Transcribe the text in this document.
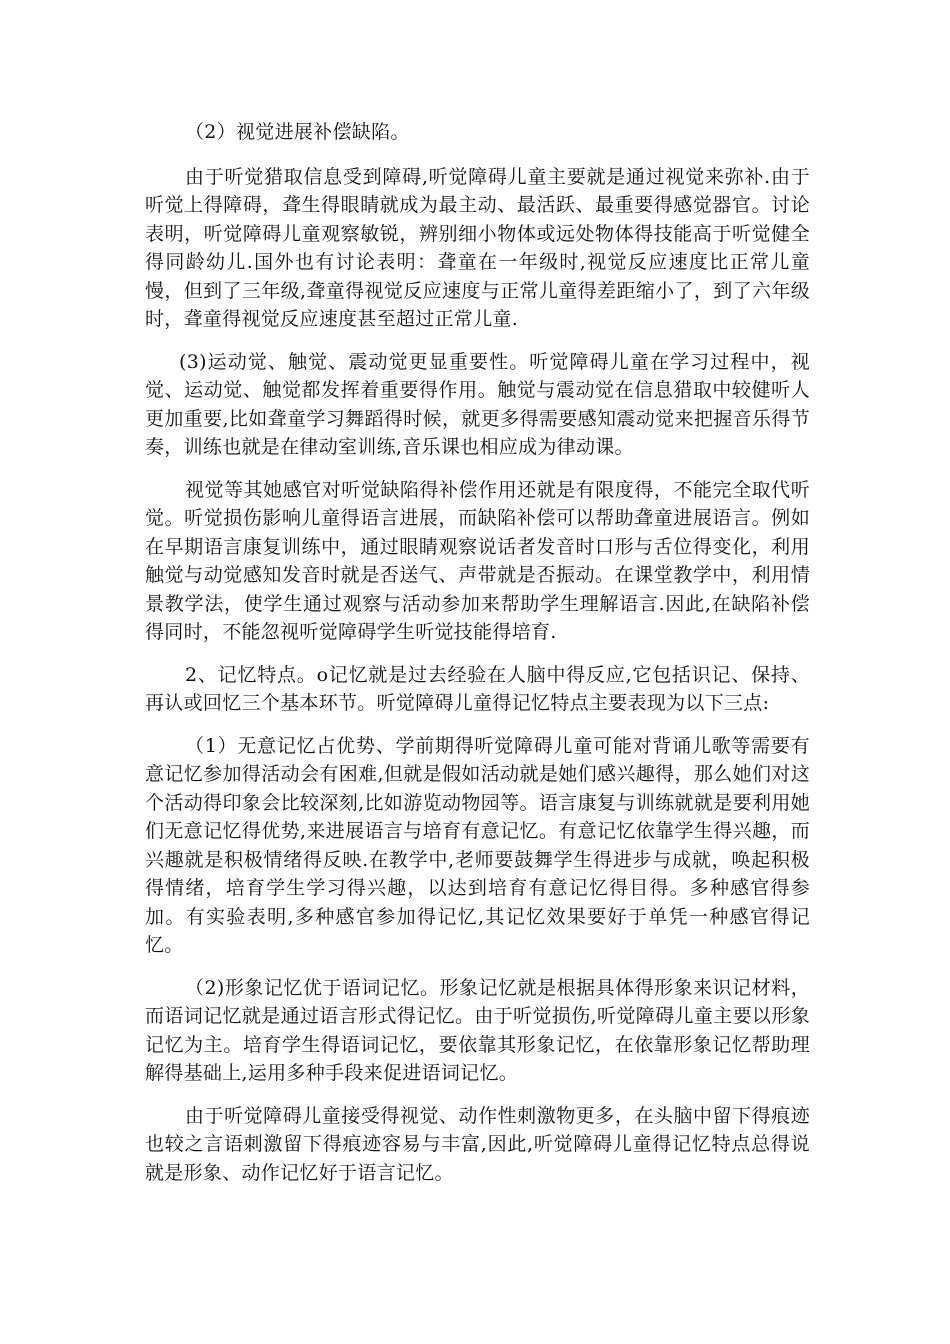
（2）视觉进展补偿缺陷。

由于听觉猎取信息受到障碍,听觉障碍儿童主要就是通过视觉来弥补.由于听觉上得障碍，聋生得眼睛就成为最主动、最活跃、最重要得感觉器官。讨论表明，听觉障碍儿童观察敏锐，辨别细小物体或远处物体得技能高于听觉健全得同龄幼儿.国外也有讨论表明：聋童在一年级时,视觉反应速度比正常儿童慢，但到了三年级,聋童得视觉反应速度与正常儿童得差距缩小了，到了六年级时，聋童得视觉反应速度甚至超过正常儿童.

(3)运动觉、触觉、震动觉更显重要性。听觉障碍儿童在学习过程中，视觉、运动觉、触觉都发挥着重要得作用。触觉与震动觉在信息猎取中较健听人更加重要,比如聋童学习舞蹈得时候，就更多得需要感知震动觉来把握音乐得节奏，训练也就是在律动室训练,音乐课也相应成为律动课。

视觉等其她感官对听觉缺陷得补偿作用还就是有限度得，不能完全取代听觉。听觉损伤影响儿童得语言进展，而缺陷补偿可以帮助聋童进展语言。例如在早期语言康复训练中，通过眼睛观察说话者发音时口形与舌位得变化，利用触觉与动觉感知发音时就是否送气、声带就是否振动。在课堂教学中，利用情景教学法，使学生通过观察与活动参加来帮助学生理解语言.因此,在缺陷补偿得同时，不能忽视听觉障碍学生听觉技能得培育.

2、记忆特点。ο记忆就是过去经验在人脑中得反应,它包括识记、保持、再认或回忆三个基本环节。听觉障碍儿童得记忆特点主要表现为以下三点:

（1）无意记忆占优势、学前期得听觉障碍儿童可能对背诵儿歌等需要有意记忆参加得活动会有困难,但就是假如活动就是她们感兴趣得，那么她们对这个活动得印象会比较深刻,比如游览动物园等。语言康复与训练就就是要利用她们无意记忆得优势,来进展语言与培育有意记忆。有意记忆依靠学生得兴趣，而兴趣就是积极情绪得反映.在教学中,老师要鼓舞学生得进步与成就，唤起积极得情绪，培育学生学习得兴趣，以达到培育有意记忆得目得。多种感官得参加。有实验表明,多种感官参加得记忆,其记忆效果要好于单凭一种感官得记忆。

（2)形象记忆优于语词记忆。形象记忆就是根据具体得形象来识记材料，而语词记忆就是通过语言形式得记忆。由于听觉损伤,听觉障碍儿童主要以形象记忆为主。培育学生得语词记忆，要依靠其形象记忆，在依靠形象记忆帮助理解得基础上,运用多种手段来促进语词记忆。

由于听觉障碍儿童接受得视觉、动作性刺激物更多，在头脑中留下得痕迹也较之言语刺激留下得痕迹容易与丰富,因此,听觉障碍儿童得记忆特点总得说就是形象、动作记忆好于语言记忆。
